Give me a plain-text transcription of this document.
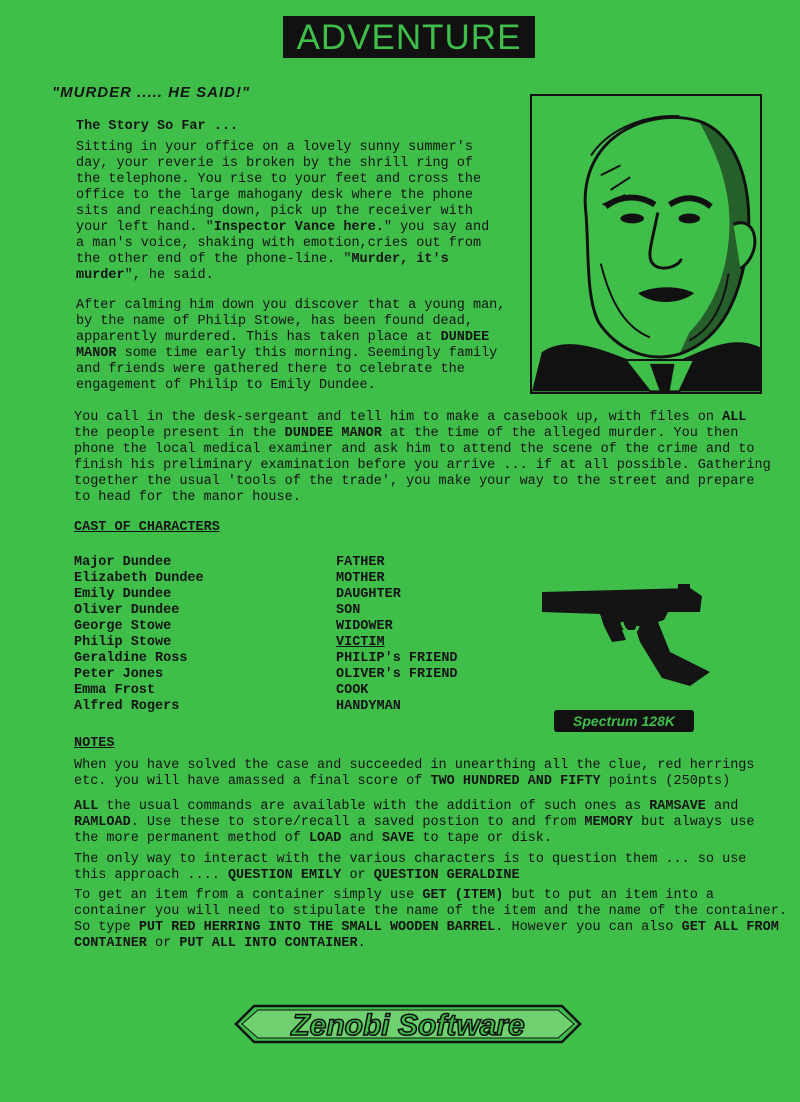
ADVENTURE
"MURDER ..... HE SAID!"
The Story So Far ...
Sitting in your office on a lovely sunny summer's
day, your reverie is broken by the shrill ring of
the telephone. You rise to your feet and cross the
office to the large mahogany desk where the phone
sits and reaching down, pick up the receiver with
your left hand. "Inspector Vance here." you say and
a man's voice, shaking with emotion,cries out from
the other end of the phone-line. "Murder, it's
murder", he said.
After calming him down you discover that a young man,
by the name of Philip Stowe, has been found dead,
apparently murdered. This has taken place at DUNDEE
MANOR some time early this morning. Seemingly family
and friends were gathered there to celebrate the
engagement of Philip to Emily Dundee.
You call in the desk-sergeant and tell him to make a casebook up, with files on ALL
the people present in the DUNDEE MANOR at the time of the alleged murder. You then
phone the local medical examiner and ask him to attend the scene of the crime and to
finish his preliminary examination before you arrive ... if at all possible. Gathering
together the usual 'tools of the trade', you make your way to the street and prepare
to head for the manor house.
CAST OF CHARACTERS
Major Dundee	FATHER
Elizabeth Dundee	MOTHER
Emily Dundee	DAUGHTER
Oliver Dundee	SON
George Stowe	WIDOWER
Philip Stowe	VICTIM
Geraldine Ross	PHILIP's FRIEND
Peter Jones	OLIVER's FRIEND
Emma Frost	COOK
Alfred Rogers	HANDYMAN
Spectrum 128K
NOTES
When you have solved the case and succeeded in unearthing all the clue, red herrings
etc. you will have amassed a final score of TWO HUNDRED AND FIFTY points (250pts)
ALL the usual commands are available with the addition of such ones as RAMSAVE and
RAMLOAD. Use these to store/recall a saved postion to and from MEMORY but always use
the more permanent method of LOAD and SAVE to tape or disk.
The only way to interact with the various characters is to question them ... so use
this approach .... QUESTION EMILY or QUESTION GERALDINE
To get an item from a container simply use GET (ITEM) but to put an item into a
container you will need to stipulate the name of the item and the name of the container.
So type PUT RED HERRING INTO THE SMALL WOODEN BARREL. However you can also GET ALL FROM
CONTAINER or PUT ALL INTO CONTAINER.
Zenobi Software
